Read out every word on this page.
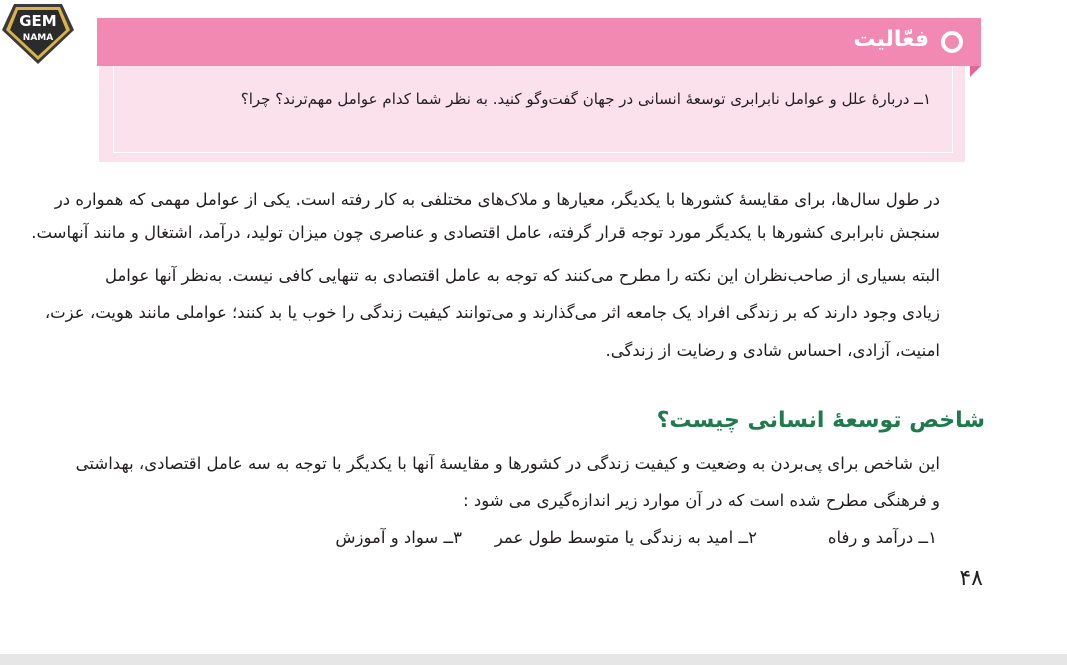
GEM
NAMA	فعّالیت
١ــ دربارۀ علل و عوامل نابرابری توسعۀ انسانی در جهان گفت‌وگو کنید. به نظر شما کدام عوامل مهم‌ترند؟ چرا؟
در طول سال‌ها، برای مقایسۀ کشورها با یکدیگر، معیارها و ملاک‌های مختلفی به کار رفته است. یکی از عوامل مهمی که همواره در
سنجش نابرابری کشورها با یکدیگر مورد توجه قرار گرفته، عامل اقتصادی و عناصری چون میزان تولید، درآمد، اشتغال و مانند آنهاست.
البته بسیاری از صاحب‌نظران این نکته را مطرح می‌کنند که توجه به عامل اقتصادی به تنهایی کافی نیست. به‌نظر آنها عوامل
زیادی وجود دارند که بر زندگی افراد یک جامعه اثر می‌گذارند و می‌توانند کیفیت زندگی را خوب یا بد کنند؛ عواملی مانند هویت، عزت،
امنیت، آزادی، احساس شادی و رضایت از زندگی.
شاخص توسعۀ انسانی چیست؟
این شاخص برای پی‌بردن به وضعیت و کیفیت زندگی در کشورها و مقایسۀ آنها با یکدیگر با توجه به سه عامل اقتصادی، بهداشتی
و فرهنگی مطرح شده است که در آن موارد زیر اندازه‌گیری می شود :
١ــ درآمد و رفاه
٢ــ امید به زندگی یا متوسط طول عمر
٣ــ سواد و آموزش
۴۸
